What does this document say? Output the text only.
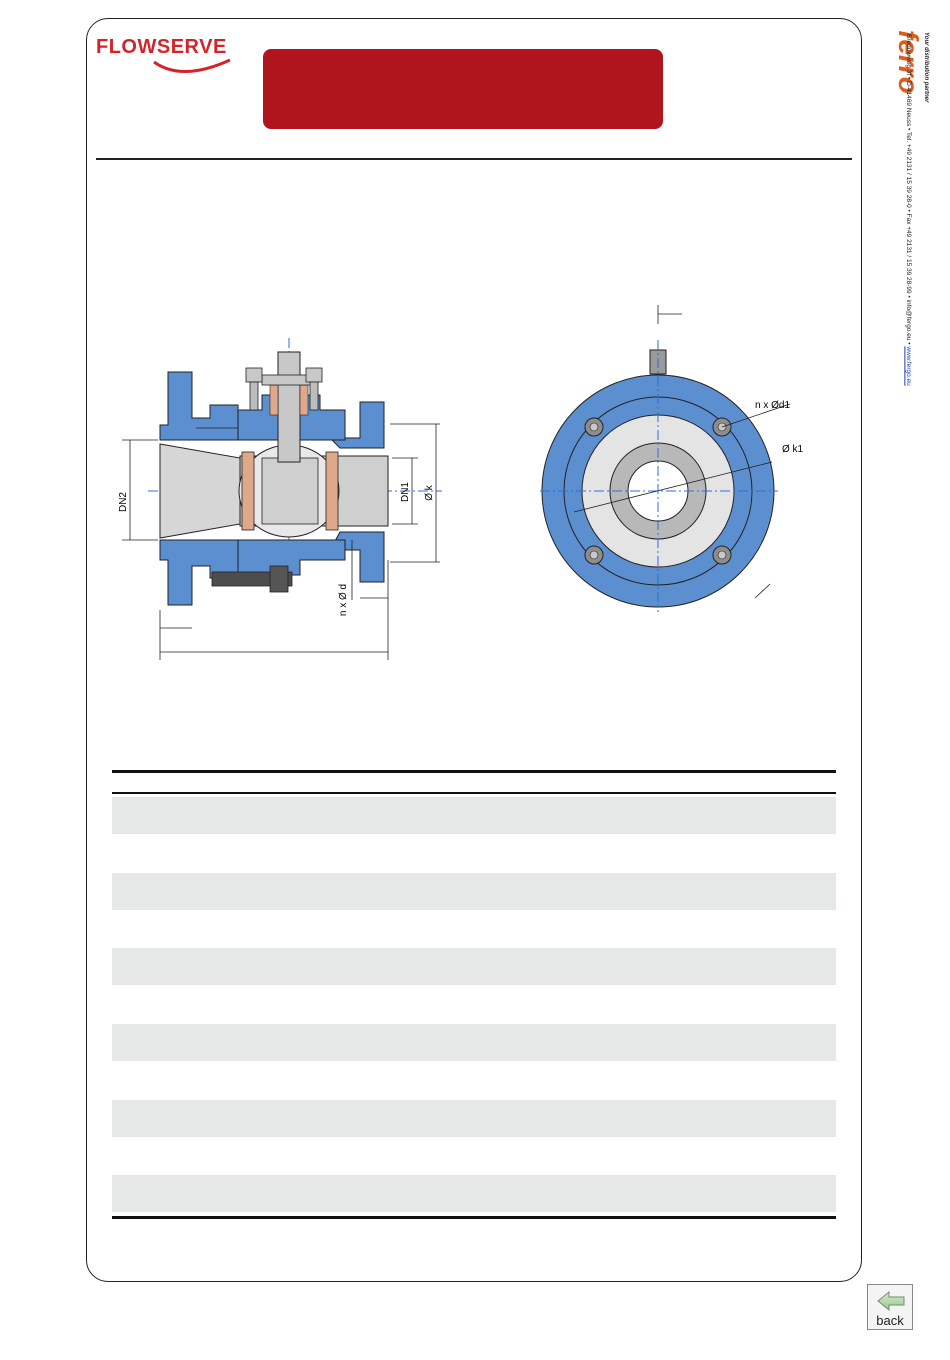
FLOWSERVE	ferro Your distribution partner
Bredowweg 3f • D-41469 Neuss • Tel. +49 2131 / 15 39 28-0 • Fax +49 2131 / 15 39 28-99 • info@fergo.eu • www.fergo.eu
DN2	DN1 Ø k
n x Ø d
n x Ød1
Ø k1
back
